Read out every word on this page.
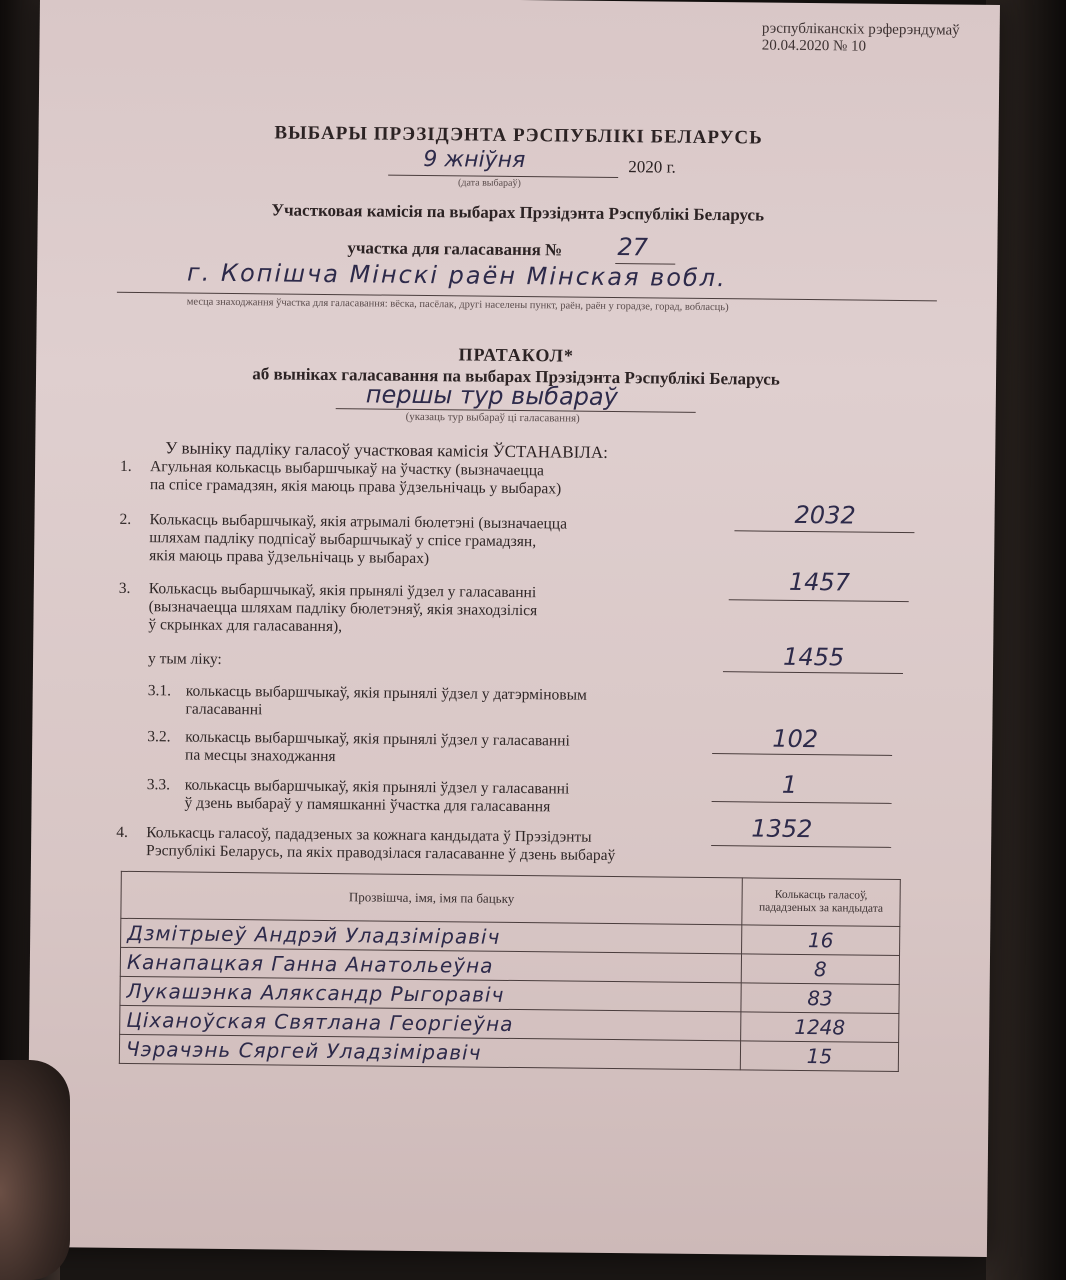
рэспубліканскіх рэферэндумаў
20.04.2020 № 10
ВЫБАРЫ ПРЭЗІДЭНТА РЭСПУБЛІКІ БЕЛАРУСЬ
9 жніўня	2020 г.
(дата выбараў)
Участковая камісія па выбарах Прэзідэнта Рэспублікі Беларусь
участка для галасавання № 27
г. Копішча Мінскі раён Мінская вобл.
месца знаходжання ўчастка для галасавання: вёска, пасёлак, другі населены пункт, раён, раён у горадзе, горад, вобласць)
ПРАТАКОЛ*
аб выніках галасавання па выбарах Прэзідэнта Рэспублікі Беларусь
першы тур выбараў
(указаць тур выбараў ці галасавання)
У выніку падліку галасоў участковая камісія ЎСТАНАВІЛА:
1. Агульная колькасць выбаршчыкаў на ўчастку (вызначаецца
па спісе грамадзян, якія маюць права ўдзельнічаць у выбарах)
2032
2. Колькасць выбаршчыкаў, якія атрымалі бюлетэні (вызначаецца
шляхам падліку подпісаў выбаршчыкаў у спісе грамадзян,
якія маюць права ўдзельнічаць у выбарах)
1457
3. Колькасць выбаршчыкаў, якія прынялі ўдзел у галасаванні
(вызначаецца шляхам падліку бюлетэняў, якія знаходзіліся
ў скрынках для галасавання),
1455
у тым ліку:
3.1. колькасць выбаршчыкаў, якія прынялі ўдзел у датэрміновым
галасаванні
102
3.2. колькасць выбаршчыкаў, якія прынялі ўдзел у галасаванні
па месцы знаходжання
1
3.3. колькасць выбаршчыкаў, якія прынялі ўдзел у галасаванні
ў дзень выбараў у памяшканні ўчастка для галасавання
1352
4. Колькасць галасоў, пададзеных за кожнага кандыдата ў Прэзідэнты
Рэспублікі Беларусь, па якіх праводзілася галасаванне ў дзень выбараў
Прозвішча, імя, імя па бацьку	Колькасць галасоў,
пададзеных за кандыдата
Дзмітрыеў Андрэй Уладзіміравіч	16
Канапацкая Ганна Анатольеўна	8
Лукашэнка Аляксандр Рыгоравіч	83
Ціханоўская Святлана Георгіеўна	1248
Чэрачэнь Сяргей Уладзіміравіч	15
